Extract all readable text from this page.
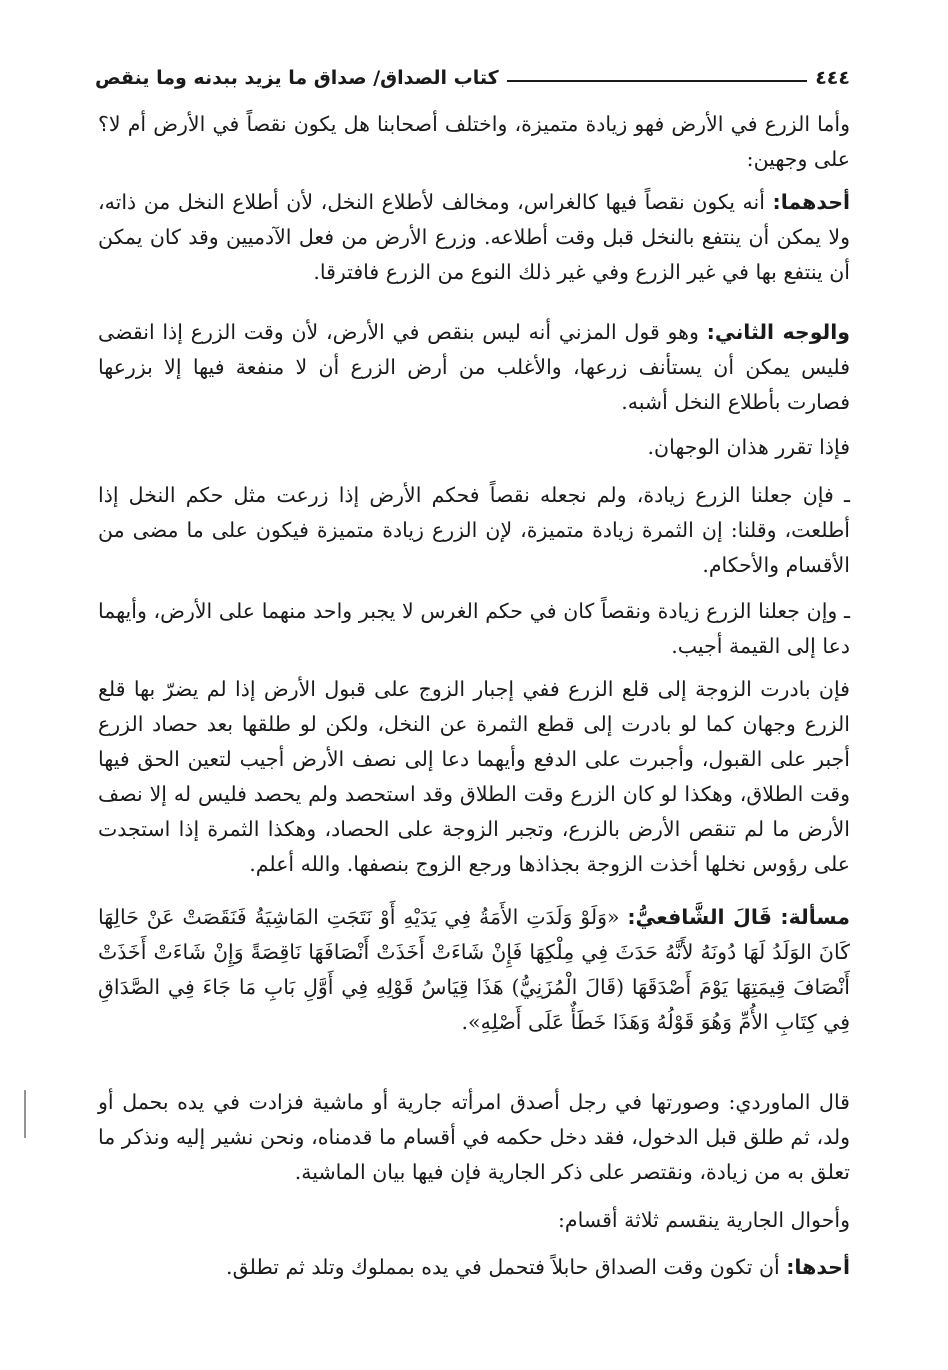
٤٤٤
كتاب الصداق/ صداق ما يزيد ببدنه وما ينقص

وأما الزرع في الأرض فهو زيادة متميزة، واختلف أصحابنا هل يكون نقصاً في الأرض أم لا؟ على وجهين:

أحدهما: أنه يكون نقصاً فيها كالغراس، ومخالف لأطلاع النخل، لأن أطلاع النخل من ذاته، ولا يمكن أن ينتفع بالنخل قبل وقت أطلاعه. وزرع الأرض من فعل الآدميين وقد كان يمكن أن ينتفع بها في غير الزرع وفي غير ذلك النوع من الزرع فافترقا.

والوجه الثاني: وهو قول المزني أنه ليس بنقص في الأرض، لأن وقت الزرع إذا انقضى فليس يمكن أن يستأنف زرعها، والأغلب من أرض الزرع أن لا منفعة فيها إلا بزرعها فصارت بأطلاع النخل أشبه.

فإذا تقرر هذان الوجهان.

ـ فإن جعلنا الزرع زيادة، ولم نجعله نقصاً فحكم الأرض إذا زرعت مثل حكم النخل إذا أطلعت، وقلنا: إن الثمرة زيادة متميزة، لإن الزرع زيادة متميزة فيكون على ما مضى من الأقسام والأحكام.

ـ وإن جعلنا الزرع زيادة ونقصاً كان في حكم الغرس لا يجبر واحد منهما على الأرض، وأيهما دعا إلى القيمة أجيب.

فإن بادرت الزوجة إلى قلع الزرع ففي إجبار الزوج على قبول الأرض إذا لم يضرّ بها قلع الزرع وجهان كما لو بادرت إلى قطع الثمرة عن النخل، ولكن لو طلقها بعد حصاد الزرع أجبر على القبول، وأجبرت على الدفع وأيهما دعا إلى نصف الأرض أجيب لتعين الحق فيها وقت الطلاق، وهكذا لو كان الزرع وقت الطلاق وقد استحصد ولم يحصد فليس له إلا نصف الأرض ما لم تنقص الأرض بالزرع، وتجبر الزوجة على الحصاد، وهكذا الثمرة إذا استجدت على رؤوس نخلها أخذت الزوجة بجذاذها ورجع الزوج بنصفها. والله أعلم.

مسألة: قَالَ الشَّافعيُّ: «وَلَوْ وَلَدَتِ الأَمَةُ فِي يَدَيْهِ أَوْ نَتَجَتِ المَاشِيَةُ فَنَقَصَتْ عَنْ حَالِهَا كَانَ الوَلَدُ لَهَا دُونَهُ لأَنَّهُ حَدَثَ فِي مِلْكِهَا فَإِنْ شَاءَتْ أَخَذَتْ أَنْصَافَهَا نَاقِصَةً وَإِنْ شَاءَتْ أَخَذَتْ أَنْصَافَ قِيمَتِهَا يَوْمَ أَصْدَقَهَا (قَالَ الْمُزَنِيُّ) هَذَا قِيَاسُ قَوْلِهِ فِي أَوَّلِ بَابِ مَا جَاءَ فِي الصَّدَاقِ فِي كِتَابِ الأُمِّ وَهُوَ قَوْلُهُ وَهَذَا خَطَأٌ عَلَى أَصْلِهِ».

قال الماوردي: وصورتها في رجل أصدق امرأته جارية أو ماشية فزادت في يده بحمل أو ولد، ثم طلق قبل الدخول، فقد دخل حكمه في أقسام ما قدمناه، ونحن نشير إليه ونذكر ما تعلق به من زيادة، ونقتصر على ذكر الجارية فإن فيها بيان الماشية.

وأحوال الجارية ينقسم ثلاثة أقسام:

أحدها: أن تكون وقت الصداق حابلاً فتحمل في يده بمملوك وتلد ثم تطلق.
